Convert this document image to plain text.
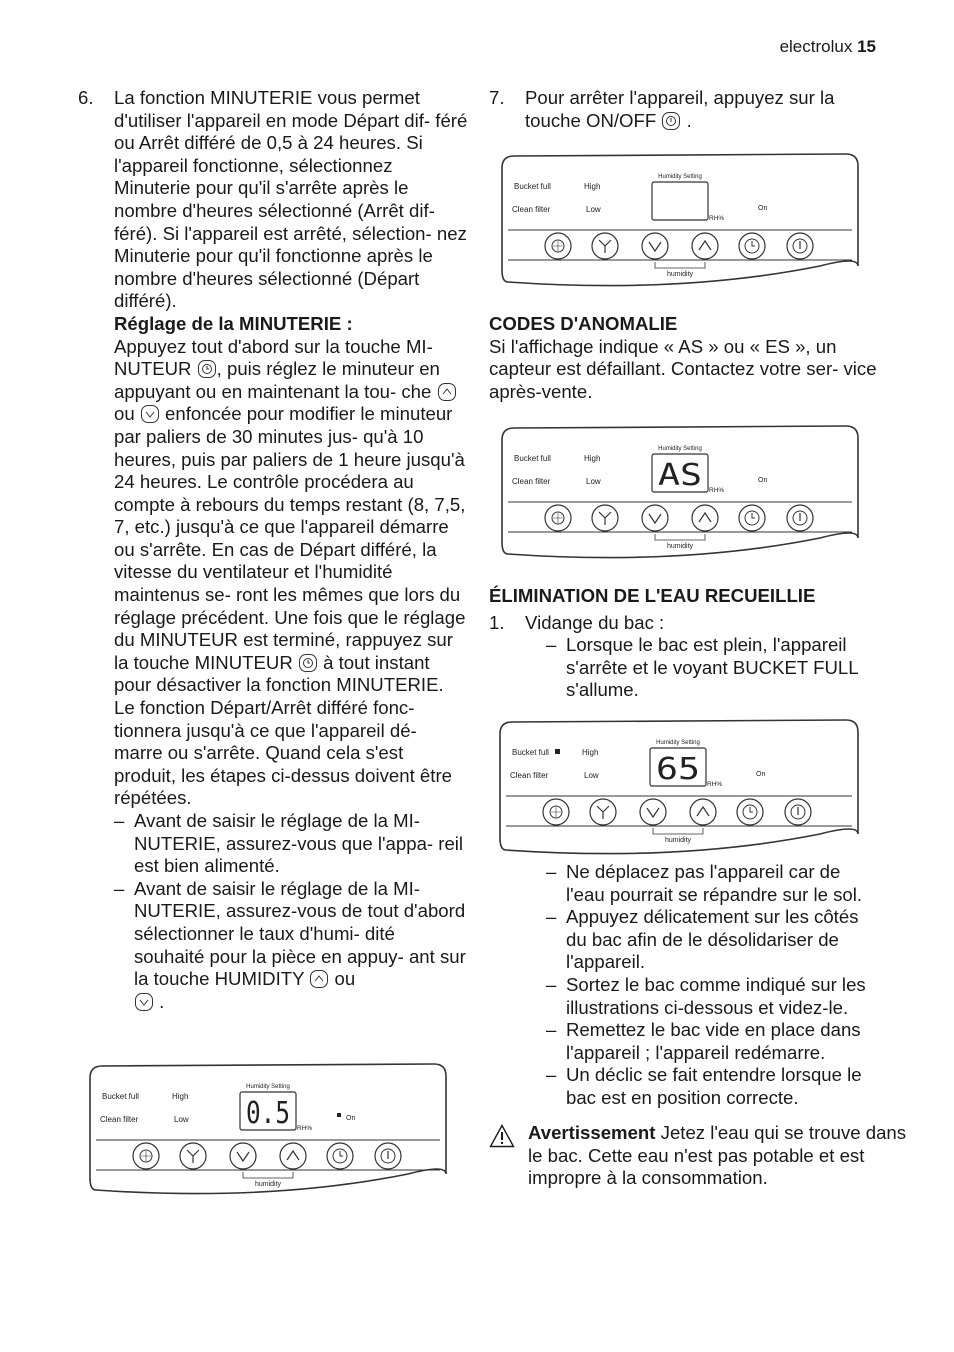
electrolux 15
6. La fonction MINUTERIE vous permet d'utiliser l'appareil en mode Départ dif- féré ou Arrêt différé de 0,5 à 24 heures. Si l'appareil fonctionne, sélectionnez Minuterie pour qu'il s'arrête après le nombre d'heures sélectionné (Arrêt dif- féré). Si l'appareil est arrêté, sélection- nez Minuterie pour qu'il fonctionne après le nombre d'heures sélectionné (Départ différé).

Réglage de la MINUTERIE :

Appuyez tout d'abord sur la touche MI- NUTEUR , puis réglez le minuteur en appuyant ou en maintenant la tou- che
ou enfoncée pour modifier le minuteur par paliers de 30 minutes jus- qu'à 10 heures, puis par paliers de 1 heure jusqu'à 24 heures. Le contrôle procédera au compte à rebours du temps restant (8, 7,5, 7, etc.) jusqu'à ce que l'appareil démarre ou s'arrête. En cas de Départ différé, la vitesse du ventilateur et l'humidité maintenus se- ront les mêmes que lors du réglage précédent. Une fois que le réglage du MINUTEUR est terminé, rappuyez sur la touche MINUTEUR à tout instant pour désactiver la fonction MINUTERIE. Le fonction Départ/Arrêt différé fonc- tionnera jusqu'à ce que l'appareil dé- marre ou s'arrête. Quand cela s'est produit, les étapes ci-dessus doivent être répétées.

– Avant de saisir le réglage de la MI- NUTERIE, assurez-vous que l'appa- reil est bien alimenté.
– Avant de saisir le réglage de la MI- NUTERIE, assurez-vous de tout d'abord sélectionner le taux d'humi- dité souhaité pour la pièce en appuy- ant sur la touche HUMIDITY ou

.
7. Pour arrêter l'appareil, appuyez sur la touche ON/OFF .

CODES D'ANOMALIE

Si l'affichage indique « AS » ou « ES », un capteur est défaillant. Contactez votre ser- vice après-vente.

ÉLIMINATION DE L'EAU RECUEILLIE

1. Vidange du bac :
– Lorsque le bac est plein, l'appareil s'arrête et le voyant BUCKET FULL s'allume.
– Ne déplacez pas l'appareil car de l'eau pourrait se répandre sur le sol.
– Appuyez délicatement sur les côtés du bac afin de le désolidariser de l'appareil.
– Sortez le bac comme indiqué sur les illustrations ci-dessous et videz-le.
– Remettez le bac vide en place dans l'appareil ; l'appareil redémarre.
– Un déclic se fait entendre lorsque le bac est en position correcte.
Avertissement Jetez l'eau qui se trouve dans le bac. Cette eau n'est pas potable et est impropre à la consommation.
Bucket full	High
Clean filter	Low
Humidity Setting
RH%
On
humidity
Bucket full	High
Clean filter	Low
Humidity Setting
AS RH%
On
humidity
Bucket full	High
Clean filter	Low
Humidity Setting
65 RH%
On
humidity
Bucket full	High
Clean filter	Low
Humidity Setting
0.5 RH%
On
humidity
